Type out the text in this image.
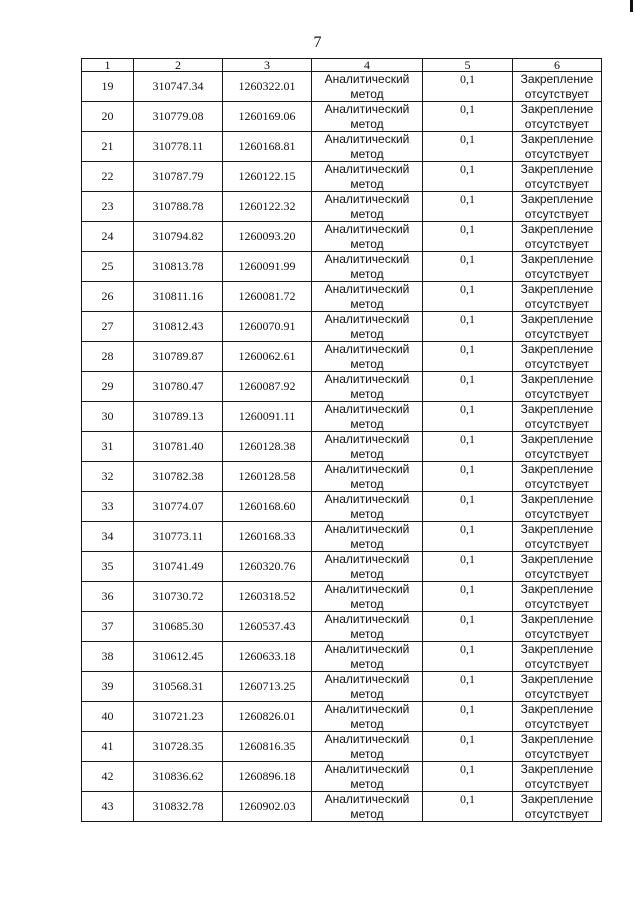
7
1	2	3	4	5	6
19	310747.34	1260322.01	Аналитический
метод	0,1	Закрепление
отсутствует

20	310779.08	1260169.06	Аналитический
метод	0,1	Закрепление
отсутствует

21	310778.11	1260168.81	Аналитический
метод	0,1	Закрепление
отсутствует

22	310787.79	1260122.15	Аналитический
метод	0,1	Закрепление
отсутствует

23	310788.78	1260122.32	Аналитический
метод	0,1	Закрепление
отсутствует

24	310794.82	1260093.20	Аналитический
метод	0,1	Закрепление
отсутствует

25	310813.78	1260091.99	Аналитический
метод	0,1	Закрепление
отсутствует

26	310811.16	1260081.72	Аналитический
метод	0,1	Закрепление
отсутствует

27	310812.43	1260070.91	Аналитический
метод	0,1	Закрепление
отсутствует

28	310789.87	1260062.61	Аналитический
метод	0,1	Закрепление
отсутствует

29	310780.47	1260087.92	Аналитический
метод	0,1	Закрепление
отсутствует

30	310789.13	1260091.11	Аналитический
метод	0,1	Закрепление
отсутствует

31	310781.40	1260128.38	Аналитический
метод	0,1	Закрепление
отсутствует

32	310782.38	1260128.58	Аналитический
метод	0,1	Закрепление
отсутствует

33	310774.07	1260168.60	Аналитический
метод	0,1	Закрепление
отсутствует

34	310773.11	1260168.33	Аналитический
метод	0,1	Закрепление
отсутствует

35	310741.49	1260320.76	Аналитический
метод	0,1	Закрепление
отсутствует

36	310730.72	1260318.52	Аналитический
метод	0,1	Закрепление
отсутствует

37	310685.30	1260537.43	Аналитический
метод	0,1	Закрепление
отсутствует

38	310612.45	1260633.18	Аналитический
метод	0,1	Закрепление
отсутствует

39	310568.31	1260713.25	Аналитический
метод	0,1	Закрепление
отсутствует

40	310721.23	1260826.01	Аналитический
метод	0,1	Закрепление
отсутствует

41	310728.35	1260816.35	Аналитический
метод	0,1	Закрепление
отсутствует

42	310836.62	1260896.18	Аналитический
метод	0,1	Закрепление
отсутствует

43	310832.78	1260902.03	Аналитический
метод	0,1	Закрепление
отсутствует
